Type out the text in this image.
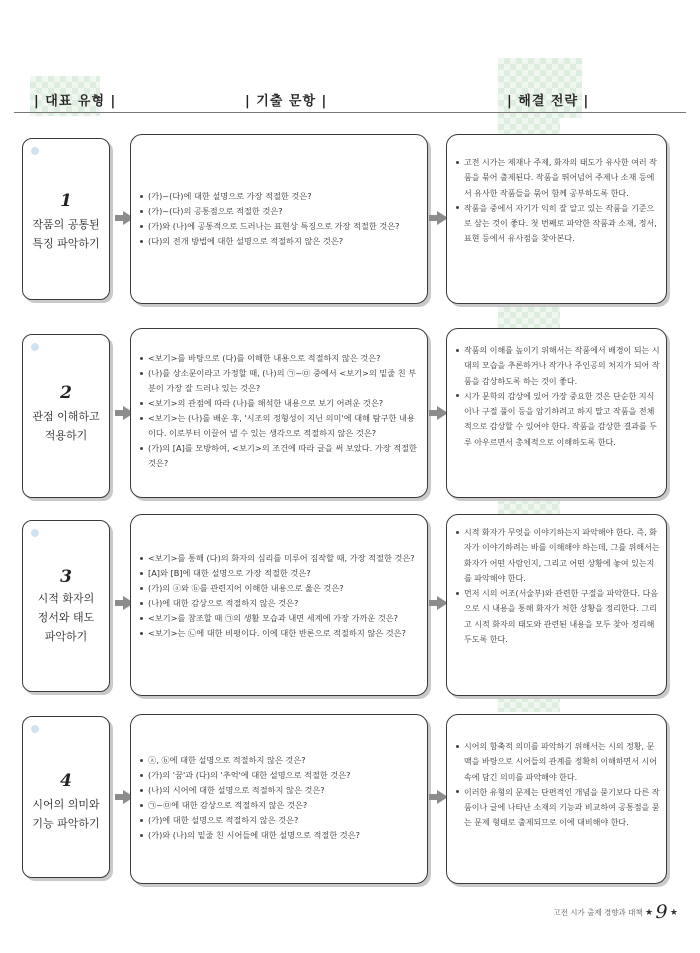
| 대표 유형 |	| 기출 문항 |	| 해결 전략 |
1
작품의 공통된
특징 파악하기
(가)~(다)에 대한 설명으로 가장 적절한 것은?
(가)~(다)의 공통점으로 적절한 것은?
(가)와 (나)에 공통적으로 드러나는 표현상 특징으로 가장 적절한 것은?
(다)의 전개 방법에 대한 설명으로 적절하지 않은 것은?
고전 시가는 제재나 주제, 화자의 태도가 유사한 여러 작품을 묶어 출제된다. 작품을 뛰어넘어 주제나 소재 등에서 유사한 작품들을 묶어 함께 공부하도록 한다.
작품을 중에서 자기가 익히 잘 알고 있는 작품을 기준으로 삼는 것이 좋다. 첫 번째로 파악한 작품과 소재, 정서, 표현 등에서 유사점을 찾아본다.
2
관점 이해하고
적용하기
<보기>를 바탕으로 (다)를 이해한 내용으로 적절하지 않은 것은?
(나)를 상소문이라고 가정할 때, (나)의 ㉠~㉤ 중에서 <보기>의 밑줄 친 부분이 가장 잘 드러나 있는 것은?
<보기>의 관점에 따라 (나)를 해석한 내용으로 보기 어려운 것은?
<보기>는 (나)를 배운 후, '시조의 정형성이 지닌 의미'에 대해 탐구한 내용이다. 이로부터 이끌어 낼 수 있는 생각으로 적절하지 않은 것은?
(가)의 [A]를 모방하여, <보기>의 조건에 따라 글을 써 보았다. 가장 적절한 것은?
작품의 이해를 높이기 위해서는 작품에서 배경이 되는 시대의 모습을 추론하거나 작가나 주인공의 처지가 되어 작품을 감상하도록 하는 것이 좋다.
시가 문학의 감상에 있어 가장 중요한 것은 단순한 지식이나 구절 풀이 등을 암기하려고 하지 말고 작품을 전체적으로 감상할 수 있어야 한다. 작품을 감상한 결과를 두루 아우르면서 총체적으로 이해하도록 한다.
3
시적 화자의
정서와 태도
파악하기
<보기>를 통해 (다)의 화자의 심리를 미루어 짐작할 때, 가장 적절한 것은?
[A]와 [B]에 대한 설명으로 가장 적절한 것은?
(가)의 ⓐ와 ⓑ를 관련지어 이해한 내용으로 옳은 것은?
(나)에 대한 감상으로 적절하지 않은 것은?
<보기>를 참조할 때 ㉠의 생활 모습과 내면 세계에 가장 가까운 것은?
<보기>는 ㉡에 대한 비평이다. 이에 대한 반론으로 적절하지 않은 것은?
시적 화자가 무엇을 이야기하는지 파악해야 한다. 즉, 화자가 이야기하려는 바를 이해해야 하는데, 그를 위해서는 화자가 어떤 사람인지, 그리고 어떤 상황에 놓여 있는지를 파악해야 한다.
먼저 시의 어조(서술부)와 관련한 구절을 파악한다. 다음으로 시 내용을 통해 화자가 처한 상황을 정리한다. 그리고 시적 화자의 태도와 관련된 내용을 모두 찾아 정리해 두도록 한다.
4
시어의 의미와
기능 파악하기
ⓐ, ⓑ에 대한 설명으로 적절하지 않은 것은?
(가)의 '꿈'과 (다)의 '추억'에 대한 설명으로 적절한 것은?
(나)의 시어에 대한 설명으로 적절하지 않은 것은?
㉠~㉤에 대한 감상으로 적절하지 않은 것은?
(가)에 대한 설명으로 적절하지 않은 것은?
(가)와 (나)의 밑줄 친 시어들에 대한 설명으로 적절한 것은?
시어의 함축적 의미를 파악하기 위해서는 시의 정황, 문맥을 바탕으로 시어들의 관계를 정확히 이해하면서 시어 속에 담긴 의미를 파악해야 한다.
이러한 유형의 문제는 단편적인 개념을 묻기보다 다른 작품이나 글에 나타난 소재의 기능과 비교하여 공통점을 묻는 문제 형태로 출제되므로 이에 대비해야 한다.
고전 시가 출제 경향과 대책 ★ 9 ★
